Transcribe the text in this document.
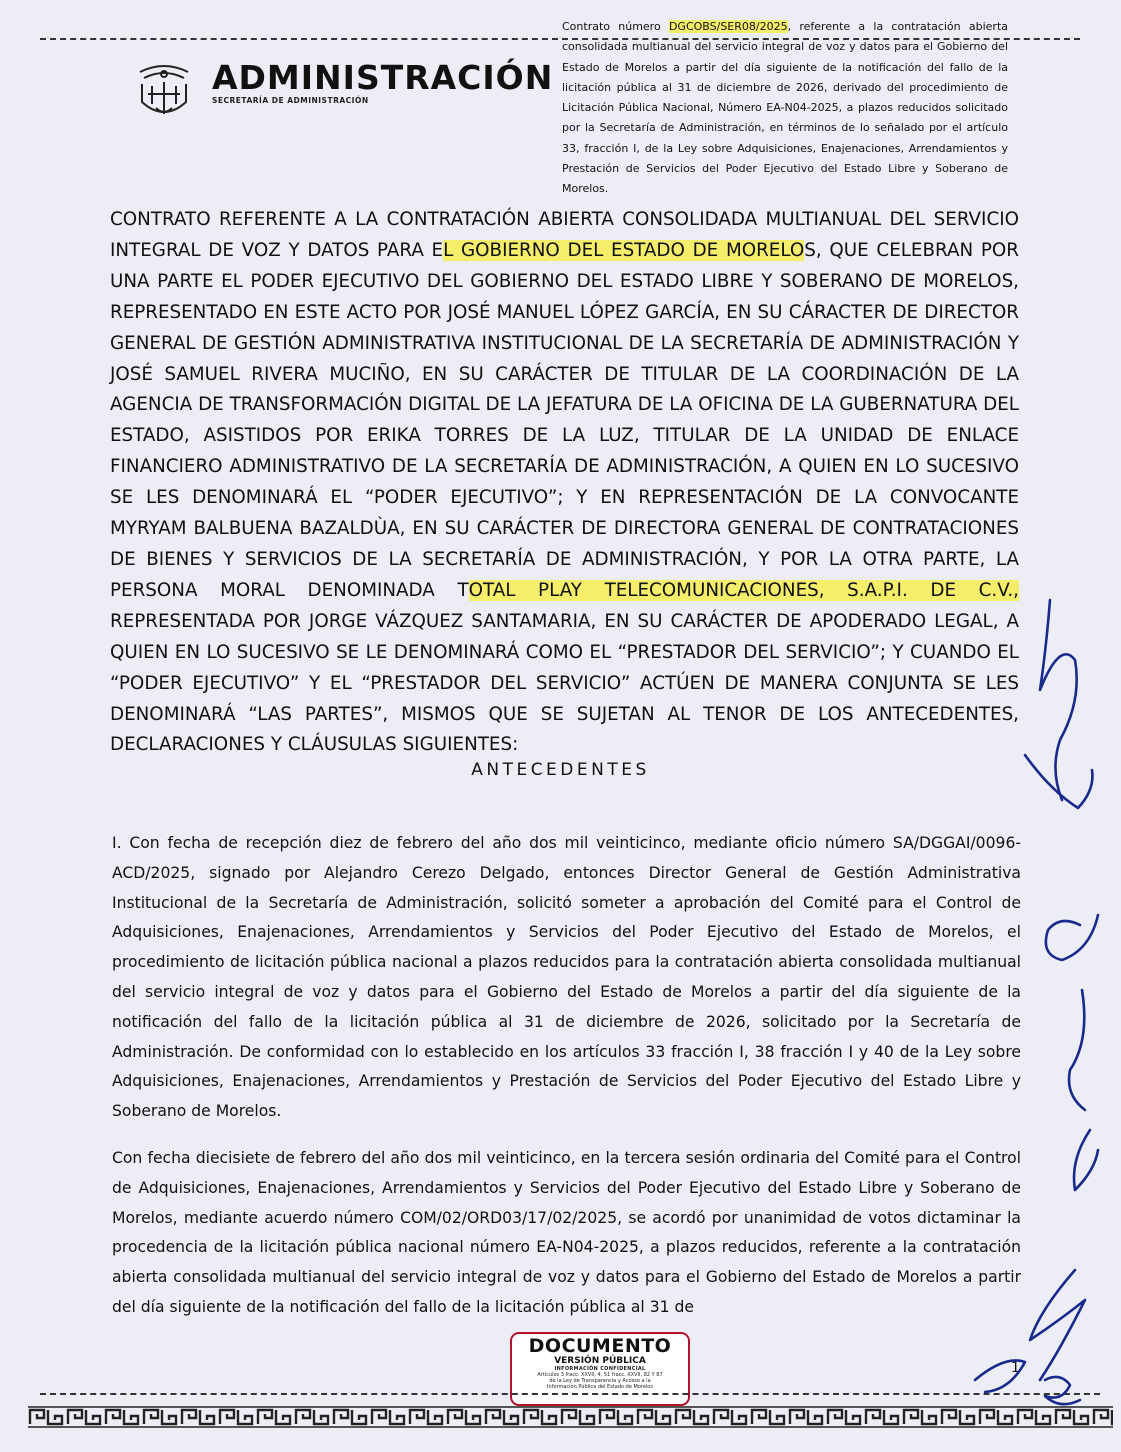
ADMINISTRACIÓN
SECRETARÍA DE ADMINISTRACIÓN
Contrato número DGCOBS/SER08/2025, referente a la contratación abierta consolidada multianual del servicio integral de voz y datos para el Gobierno del Estado de Morelos a partir del día siguiente de la notificación del fallo de la licitación pública al 31 de diciembre de 2026, derivado del procedimiento de Licitación Pública Nacional, Número EA-N04-2025, a plazos reducidos solicitado por la Secretaría de Administración, en términos de lo señalado por el artículo 33, fracción I, de la Ley sobre Adquisiciones, Enajenaciones, Arrendamientos y Prestación de Servicios del Poder Ejecutivo del Estado Libre y Soberano de Morelos.
CONTRATO REFERENTE A LA CONTRATACIÓN ABIERTA CONSOLIDADA MULTIANUAL DEL SERVICIO INTEGRAL DE VOZ Y DATOS PARA EL GOBIERNO DEL ESTADO DE MORELOS, QUE CELEBRAN POR UNA PARTE EL PODER EJECUTIVO DEL GOBIERNO DEL ESTADO LIBRE Y SOBERANO DE MORELOS, REPRESENTADO EN ESTE ACTO POR JOSÉ MANUEL LÓPEZ GARCÍA, EN SU CÁRACTER DE DIRECTOR GENERAL DE GESTIÓN ADMINISTRATIVA INSTITUCIONAL DE LA SECRETARÍA DE ADMINISTRACIÓN Y JOSÉ SAMUEL RIVERA MUCIÑO, EN SU CARÁCTER DE TITULAR DE LA COORDINACIÓN DE LA AGENCIA DE TRANSFORMACIÓN DIGITAL DE LA JEFATURA DE LA OFICINA DE LA GUBERNATURA DEL ESTADO, ASISTIDOS POR ERIKA TORRES DE LA LUZ, TITULAR DE LA UNIDAD DE ENLACE FINANCIERO ADMINISTRATIVO DE LA SECRETARÍA DE ADMINISTRACIÓN, A QUIEN EN LO SUCESIVO SE LES DENOMINARÁ EL “PODER EJECUTIVO”; Y EN REPRESENTACIÓN DE LA CONVOCANTE MYRYAM BALBUENA BAZALDÙA, EN SU CARÁCTER DE DIRECTORA GENERAL DE CONTRATACIONES DE BIENES Y SERVICIOS DE LA SECRETARÍA DE ADMINISTRACIÓN, Y POR LA OTRA PARTE, LA PERSONA MORAL DENOMINADA TOTAL PLAY TELECOMUNICACIONES, S.A.P.I. DE C.V., REPRESENTADA POR JORGE VÁZQUEZ SANTAMARIA, EN SU CARÁCTER DE APODERADO LEGAL, A QUIEN EN LO SUCESIVO SE LE DENOMINARÁ COMO EL “PRESTADOR DEL SERVICIO”; Y CUANDO EL “PODER EJECUTIVO” Y EL “PRESTADOR DEL SERVICIO” ACTÚEN DE MANERA CONJUNTA SE LES DENOMINARÁ “LAS PARTES”, MISMOS QUE SE SUJETAN AL TENOR DE LOS ANTECEDENTES, DECLARACIONES Y CLÁUSULAS SIGUIENTES:
ANTECEDENTES
I. Con fecha de recepción diez de febrero del año dos mil veinticinco, mediante oficio número SA/DGGAI/0096-ACD/2025, signado por Alejandro Cerezo Delgado, entonces Director General de Gestión Administrativa Institucional de la Secretaría de Administración, solicitó someter a aprobación del Comité para el Control de Adquisiciones, Enajenaciones, Arrendamientos y Servicios del Poder Ejecutivo del Estado de Morelos, el procedimiento de licitación pública nacional a plazos reducidos para la contratación abierta consolidada multianual del servicio integral de voz y datos para el Gobierno del Estado de Morelos a partir del día siguiente de la notificación del fallo de la licitación pública al 31 de diciembre de 2026, solicitado por la Secretaría de Administración. De conformidad con lo establecido en los artículos 33 fracción I, 38 fracción I y 40 de la Ley sobre Adquisiciones, Enajenaciones, Arrendamientos y Prestación de Servicios del Poder Ejecutivo del Estado Libre y Soberano de Morelos.
Con fecha diecisiete de febrero del año dos mil veinticinco, en la tercera sesión ordinaria del Comité para el Control de Adquisiciones, Enajenaciones, Arrendamientos y Servicios del Poder Ejecutivo del Estado Libre y Soberano de Morelos, mediante acuerdo número COM/02/ORD03/17/02/2025, se acordó por unanimidad de votos dictaminar la procedencia de la licitación pública nacional número EA-N04-2025, a plazos reducidos, referente a la contratación abierta consolidada multianual del servicio integral de voz y datos para el Gobierno del Estado de Morelos a partir del día siguiente de la notificación del fallo de la licitación pública al 31 de
DOCUMENTO
VERSIÓN PÚBLICA
INFORMACIÓN CONFIDENCIAL
Artículos 3 fracc. XXVII, 4, 51 fracc. XXVII, 82 Y 87
de la Ley de Transparencia y Acceso a la
Información Pública del Estado de Morelos
1
